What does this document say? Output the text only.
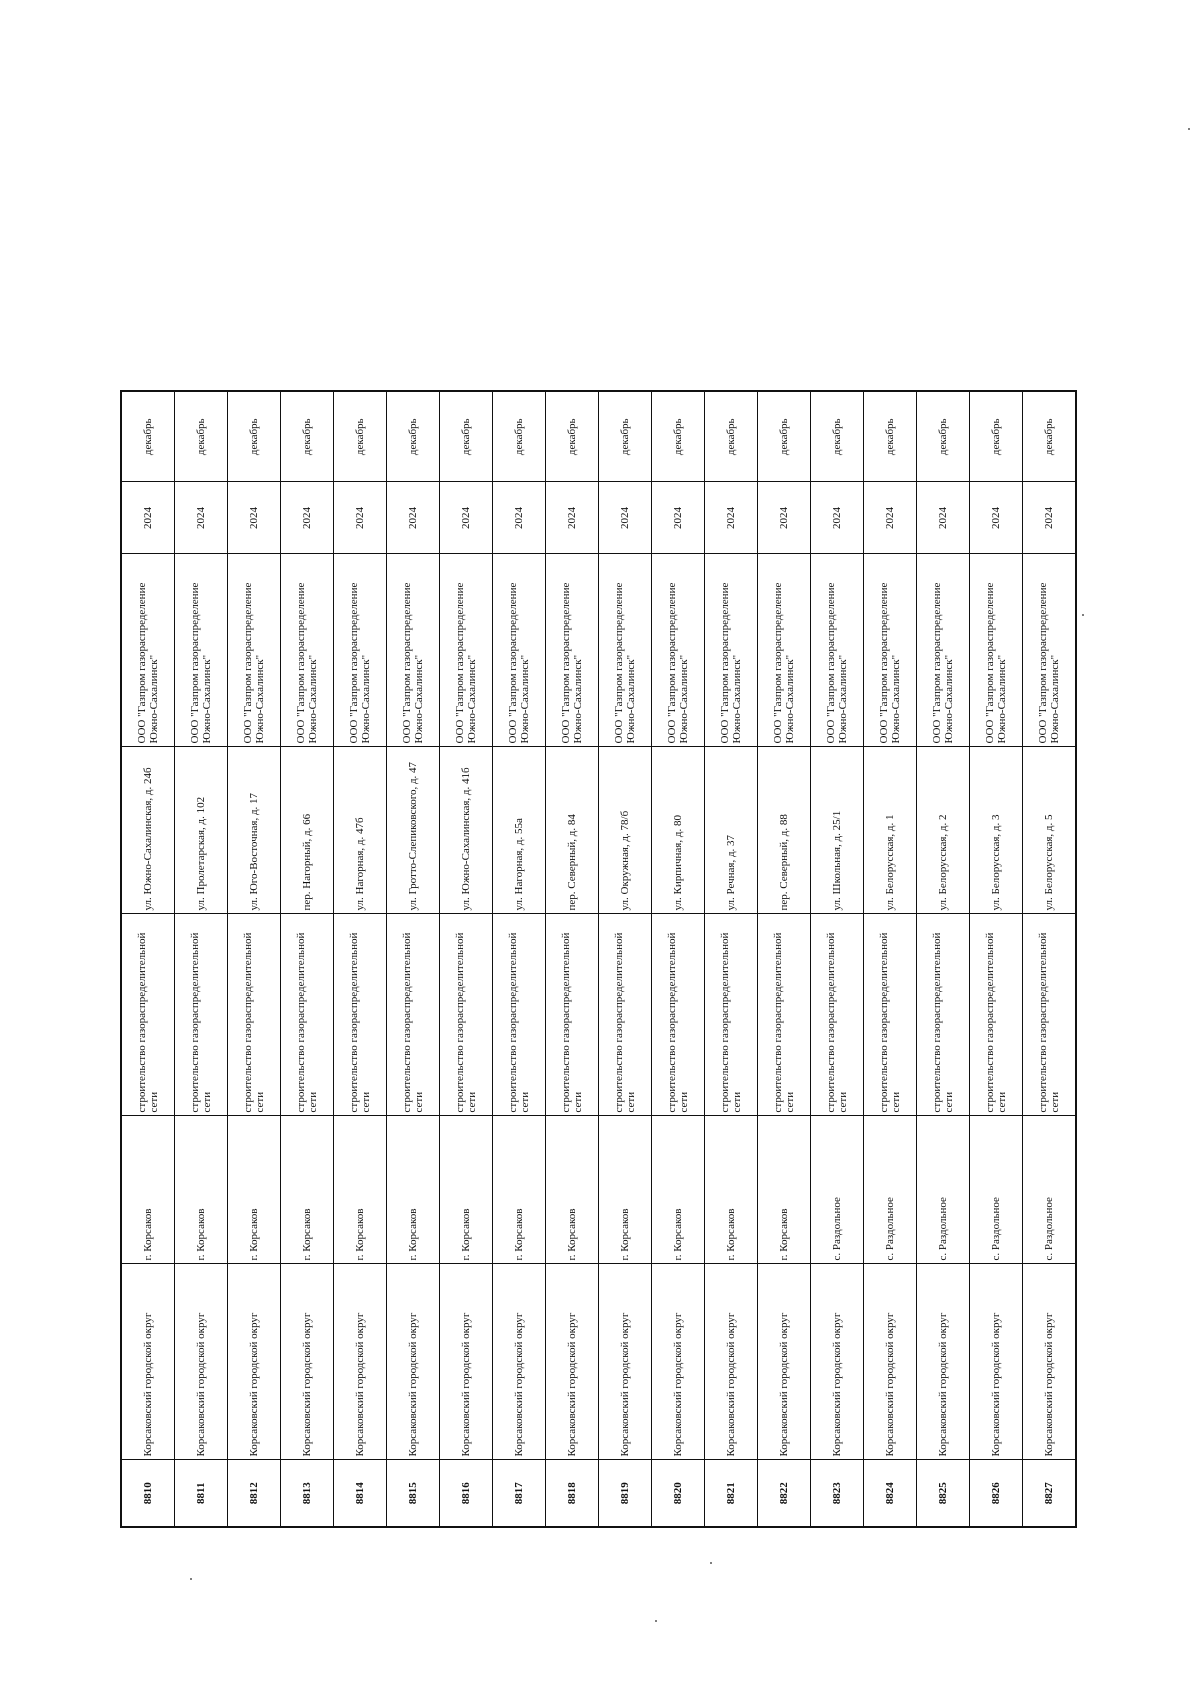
8810	Корсаковский городской округ	г. Корсаков	строительство газораспределительной сети	ул. Южно-Сахалинская, д. 24б	ООО "Газпром газораспределение Южно-Сахалинск"	2024	декабрь
8811	Корсаковский городской округ	г. Корсаков	строительство газораспределительной сети	ул. Пролетарская, д. 102	ООО "Газпром газораспределение Южно-Сахалинск"	2024	декабрь
8812	Корсаковский городской округ	г. Корсаков	строительство газораспределительной сети	ул. Юго-Восточная, д. 17	ООО "Газпром газораспределение Южно-Сахалинск"	2024	декабрь
8813	Корсаковский городской округ	г. Корсаков	строительство газораспределительной сети	пер. Нагорный, д. 66	ООО "Газпром газораспределение Южно-Сахалинск"	2024	декабрь
8814	Корсаковский городской округ	г. Корсаков	строительство газораспределительной сети	ул. Нагорная, д. 47б	ООО "Газпром газораспределение Южно-Сахалинск"	2024	декабрь
8815	Корсаковский городской округ	г. Корсаков	строительство газораспределительной сети	ул. Гротто-Слепиковского, д. 47	ООО "Газпром газораспределение Южно-Сахалинск"	2024	декабрь
8816	Корсаковский городской округ	г. Корсаков	строительство газораспределительной сети	ул. Южно-Сахалинская, д. 41б	ООО "Газпром газораспределение Южно-Сахалинск"	2024	декабрь
8817	Корсаковский городской округ	г. Корсаков	строительство газораспределительной сети	ул. Нагорная, д. 55а	ООО "Газпром газораспределение Южно-Сахалинск"	2024	декабрь
8818	Корсаковский городской округ	г. Корсаков	строительство газораспределительной сети	пер. Северный, д. 84	ООО "Газпром газораспределение Южно-Сахалинск"	2024	декабрь
8819	Корсаковский городской округ	г. Корсаков	строительство газораспределительной сети	ул. Окружная, д. 78/б	ООО "Газпром газораспределение Южно-Сахалинск"	2024	декабрь
8820	Корсаковский городской округ	г. Корсаков	строительство газораспределительной сети	ул. Кирпичная, д. 80	ООО "Газпром газораспределение Южно-Сахалинск"	2024	декабрь
8821	Корсаковский городской округ	г. Корсаков	строительство газораспределительной сети	ул. Речная, д. 37	ООО "Газпром газораспределение Южно-Сахалинск"	2024	декабрь
8822	Корсаковский городской округ	г. Корсаков	строительство газораспределительной сети	пер. Северный, д. 88	ООО "Газпром газораспределение Южно-Сахалинск"	2024	декабрь
8823	Корсаковский городской округ	с. Раздольное	строительство газораспределительной сети	ул. Школьная, д. 25/1	ООО "Газпром газораспределение Южно-Сахалинск"	2024	декабрь
8824	Корсаковский городской округ	с. Раздольное	строительство газораспределительной сети	ул. Белорусская, д. 1	ООО "Газпром газораспределение Южно-Сахалинск"	2024	декабрь
8825	Корсаковский городской округ	с. Раздольное	строительство газораспределительной сети	ул. Белорусская, д. 2	ООО "Газпром газораспределение Южно-Сахалинск"	2024	декабрь
8826	Корсаковский городской округ	с. Раздольное	строительство газораспределительной сети	ул. Белорусская, д. 3	ООО "Газпром газораспределение Южно-Сахалинск"	2024	декабрь
8827	Корсаковский городской округ	с. Раздольное	строительство газораспределительной сети	ул. Белорусская, д. 5	ООО "Газпром газораспределение Южно-Сахалинск"	2024	декабрь
